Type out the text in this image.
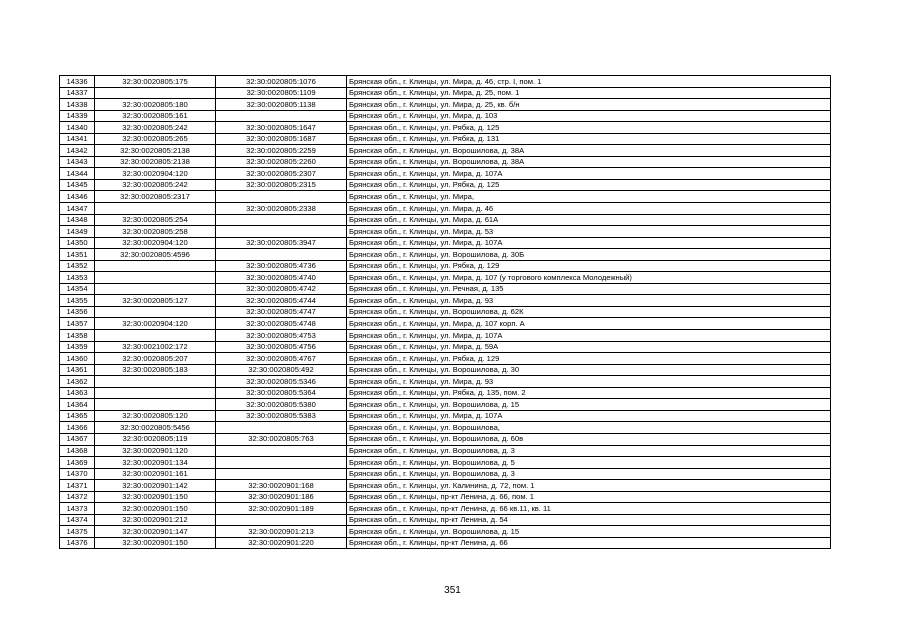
14336	32:30:0020805:175	32:30:0020805:1076	Брянская обл., г. Клинцы, ул. Мира, д. 46, стр. I, пом. 1
14337		32:30:0020805:1109	Брянская обл., г. Клинцы, ул. Мира, д. 25, пом. 1
14338	32:30:0020805:180	32:30:0020805:1138	Брянская обл., г. Клинцы, ул. Мира, д. 25, кв. б/н
14339	32:30:0020805:161		Брянская обл., г. Клинцы, ул. Мира, д. 103
14340	32:30:0020805:242	32:30:0020805:1647	Брянская обл., г. Клинцы, ул. Рябка, д. 125
14341	32:30:0020805:265	32:30:0020805:1687	Брянская обл., г. Клинцы, ул. Рябка, д. 131
14342	32:30:0020805:2138	32:30:0020805:2259	Брянская обл., г. Клинцы, ул. Ворошилова, д. 38А
14343	32:30:0020805:2138	32:30:0020805:2260	Брянская обл., г. Клинцы, ул. Ворошилова, д. 38А
14344	32:30:0020904:120	32:30:0020805:2307	Брянская обл., г. Клинцы, ул. Мира, д. 107А
14345	32:30:0020805:242	32:30:0020805:2315	Брянская обл., г. Клинцы, ул. Рябка, д. 125
14346	32:30:0020805:2317		Брянская обл., г. Клинцы, ул. Мира,
14347		32:30:0020805:2338	Брянская обл., г. Клинцы, ул. Мира, д. 46
14348	32:30:0020805:254		Брянская обл., г. Клинцы, ул. Мира, д. 61А
14349	32:30:0020805:258		Брянская обл., г. Клинцы, ул. Мира, д. 53
14350	32:30:0020904:120	32:30:0020805:3947	Брянская обл., г. Клинцы, ул. Мира, д. 107А
14351	32:30:0020805:4596		Брянская обл., г. Клинцы, ул. Ворошилова, д. 30Б
14352		32:30:0020805:4736	Брянская обл., г. Клинцы, ул. Рябка, д. 129
14353		32:30:0020805:4740	Брянская обл., г. Клинцы, ул. Мира, д. 107 (у торгового комплекса Молодежный)
14354		32:30:0020805:4742	Брянская обл., г. Клинцы, ул. Речная, д. 135
14355	32:30:0020805:127	32:30:0020805:4744	Брянская обл., г. Клинцы, ул. Мира, д. 93
14356		32:30:0020805:4747	Брянская обл., г. Клинцы, ул. Ворошилова, д. 62К
14357	32:30:0020904:120	32:30:0020805:4748	Брянская обл., г. Клинцы, ул. Мира, д. 107 корп. А
14358		32:30:0020805:4753	Брянская обл., г. Клинцы, ул. Мира, д. 107А
14359	32:30:0021002:172	32:30:0020805:4756	Брянская обл., г. Клинцы, ул. Мира, д. 59А
14360	32:30:0020805:207	32:30:0020805:4767	Брянская обл., г. Клинцы, ул. Рябка, д. 129
14361	32:30:0020805:183	32:30:0020805:492	Брянская обл., г. Клинцы, ул. Ворошилова, д. 30
14362		32:30:0020805:5346	Брянская обл., г. Клинцы, ул. Мира, д. 93
14363		32:30:0020805:5364	Брянская обл., г. Клинцы, ул. Рябка, д. 135, пом. 2
14364		32:30:0020805:5380	Брянская обл., г. Клинцы, ул. Ворошилова, д. 15
14365	32:30:0020805:120	32:30:0020805:5383	Брянская обл., г. Клинцы, ул. Мира, д. 107А
14366	32:30:0020805:5456		Брянская обл., г. Клинцы, ул. Ворошилова,
14367	32:30:0020805:119	32:30:0020805:763	Брянская обл., г. Клинцы, ул. Ворошилова, д. 60в
14368	32:30:0020901:120		Брянская обл., г. Клинцы, ул. Ворошилова, д. 3
14369	32:30:0020901:134		Брянская обл., г. Клинцы, ул. Ворошилова, д. 5
14370	32:30:0020901:161		Брянская обл., г. Клинцы, ул. Ворошилова, д. 3
14371	32:30:0020901:142	32:30:0020901:168	Брянская обл., г. Клинцы, ул. Калинина, д. 72, пом. 1
14372	32:30:0020901:150	32:30:0020901:186	Брянская обл., г. Клинцы, пр-кт Ленина, д. 66, пом. 1
14373	32:30:0020901:150	32:30:0020901:189	Брянская обл., г. Клинцы, пр-кт Ленина, д. 66 кв.11, кв. 11
14374	32:30:0020901:212		Брянская обл., г. Клинцы, пр-кт Ленина, д. 54
14375	32:30:0020901:147	32:30:0020901:213	Брянская обл., г. Клинцы, ул. Ворошилова, д. 15
14376	32:30:0020901:150	32:30:0020901:220	Брянская обл., г. Клинцы, пр-кт Ленина, д. 66
351
